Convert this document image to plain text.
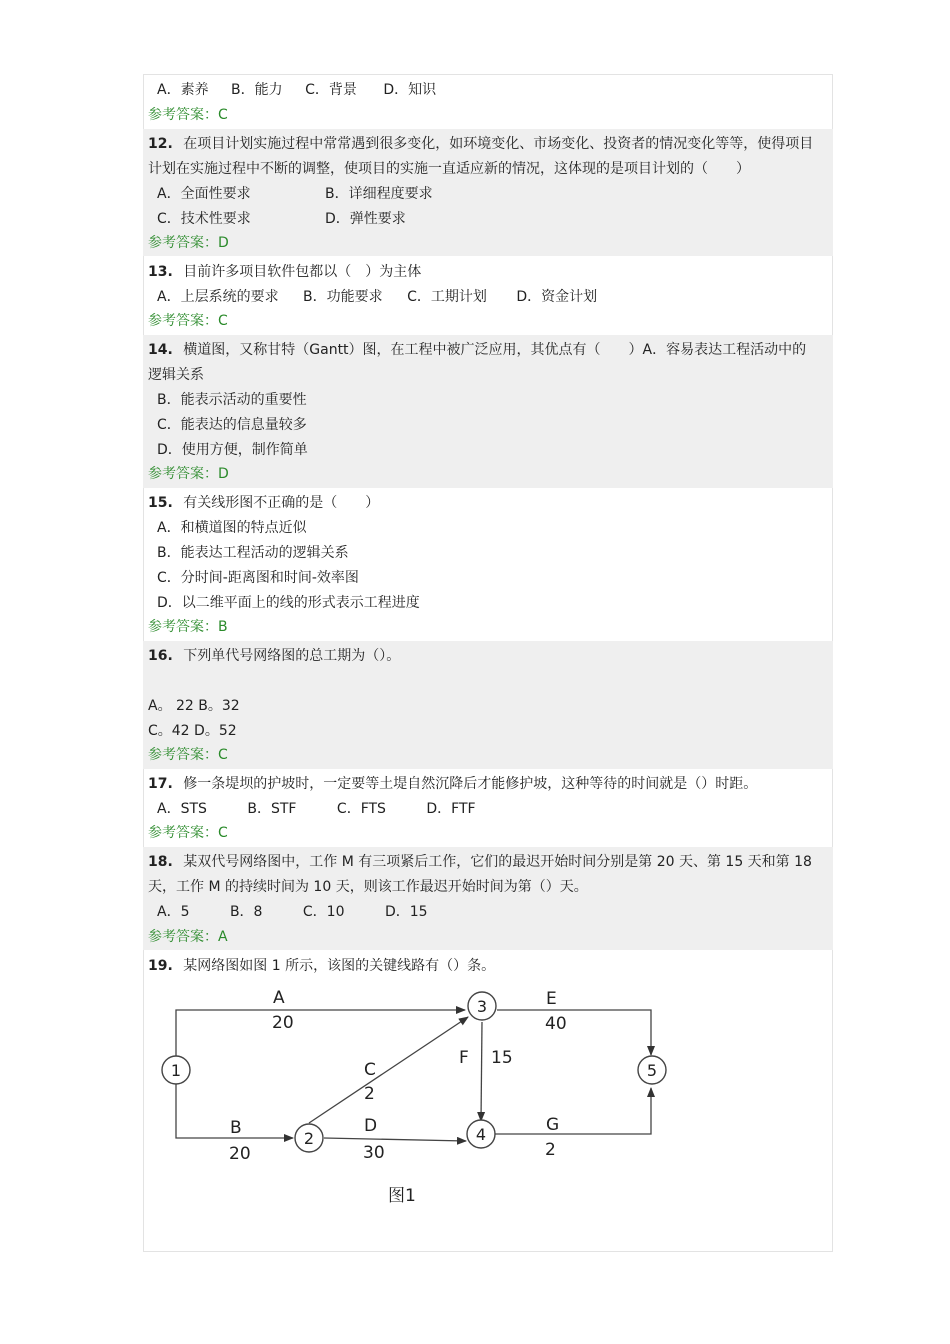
A．素养 B．能力 C．背景 D．知识
参考答案：C
12. 在项目计划实施过程中常常遇到很多变化，如环境变化、市场变化、投资者的情况变化等等，使得项目
计划在实施过程中不断的调整，使项目的实施一直适应新的情况，这体现的是项目计划的（　　）
A．全面性要求	B．详细程度要求
C．技术性要求	D．弹性要求
参考答案：D
13. 目前许多项目软件包都以（　）为主体
A．上层系统的要求 B．功能要求 C．工期计划 D．资金计划
参考答案：C
14. 横道图，又称甘特（Gantt）图，在工程中被广泛应用，其优点有（　　）A．容易表达工程活动中的
逻辑关系
B．能表示活动的重要性
C．能表达的信息量较多
D．使用方便，制作简单
参考答案：D
15. 有关线形图不正确的是（　　）
A．和横道图的特点近似
B．能表达工程活动的逻辑关系
C．分时间-距离图和时间-效率图
D．以二维平面上的线的形式表示工程进度
参考答案：B
16. 下列单代号网络图的总工期为（）。
A。 22 B。32
C。42 D。52
参考答案：C
17. 修一条堤坝的护坡时，一定要等土堤自然沉降后才能修护坡，这种等待的时间就是（）时距。
A．STS	B．STF	C．FTS	D．FTF
参考答案：C
18. 某双代号网络图中，工作 M 有三项紧后工作，它们的最迟开始时间分别是第 20 天、第 15 天和第 18
天，工作 M 的持续时间为 10 天，则该工作最迟开始时间为第（）天。
A．5	B．8	C．10	D．15
参考答案：A
19. 某网络图如图 1 所示，该图的关键线路有（）条。
1
2
3
4
5
A
20
B
20
C
2
D
30
E
40
F 15
G
2
图1
